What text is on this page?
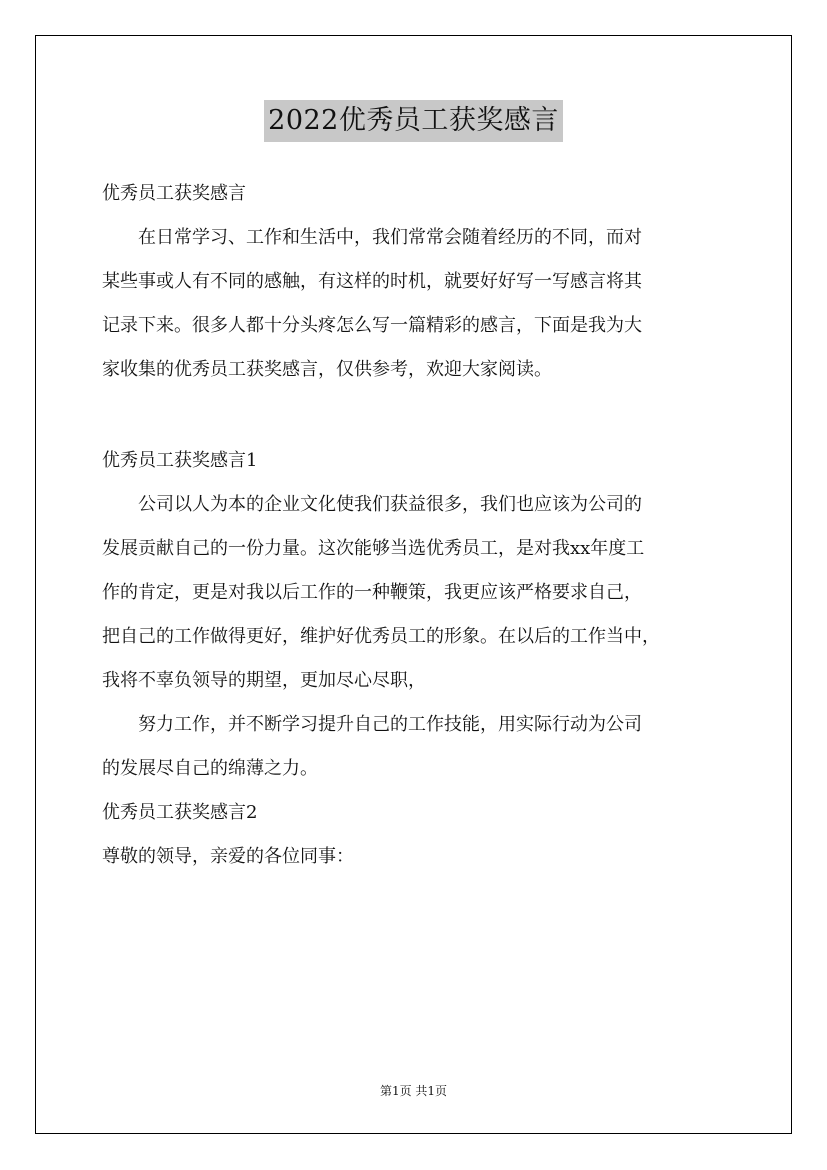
2022优秀员工获奖感言

优秀员工获奖感言

在日常学习、工作和生活中，我们常常会随着经历的不同，而对
某些事或人有不同的感触，有这样的时机，就要好好写一写感言将其
记录下来。很多人都十分头疼怎么写一篇精彩的感言，下面是我为大
家收集的优秀员工获奖感言，仅供参考，欢迎大家阅读。

优秀员工获奖感言1

公司以人为本的企业文化使我们获益很多，我们也应该为公司的
发展贡献自己的一份力量。这次能够当选优秀员工，是对我xx年度工
作的肯定，更是对我以后工作的一种鞭策，我更应该严格要求自己，
把自己的工作做得更好，维护好优秀员工的形象。在以后的工作当中，
我将不辜负领导的期望，更加尽心尽职，

努力工作，并不断学习提升自己的工作技能，用实际行动为公司
的发展尽自己的绵薄之力。

优秀员工获奖感言2

尊敬的领导，亲爱的各位同事：

第1页 共1页
